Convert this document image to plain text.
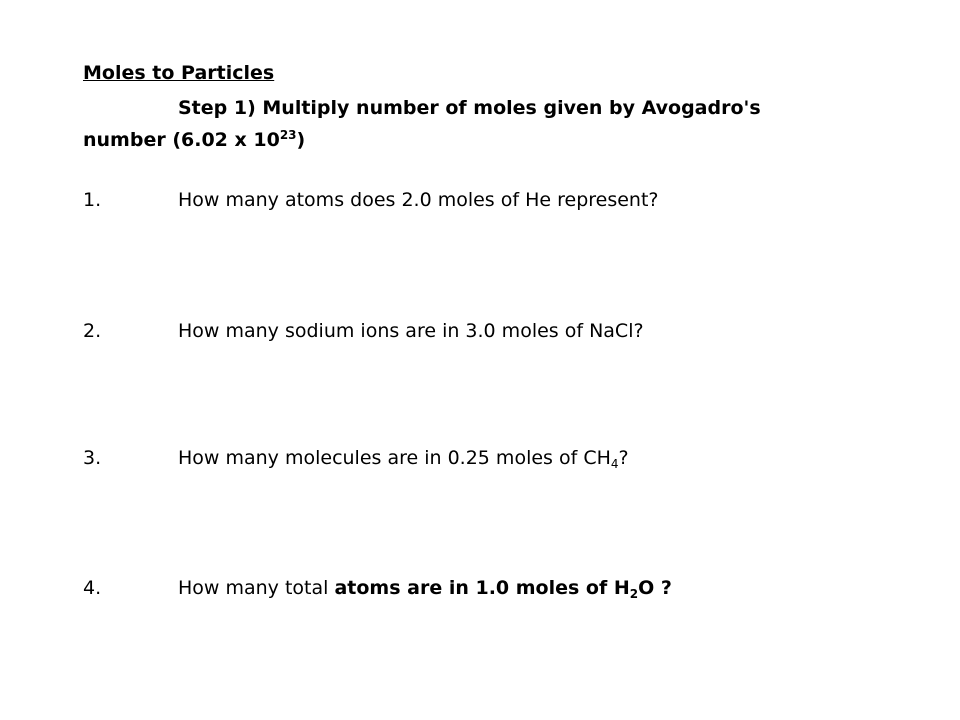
Moles to Particles
Step 1) Multiply number of moles given by Avogadro's
number (6.02 x $10^{23}$)
1.	How many atoms does 2.0 moles of He represent?
2.	How many sodium ions are in 3.0 moles of NaCl?
3.	How many molecules are in 0.25 moles of $CH_4$?
4.	How many total atoms are in 1.0 moles of $H_2O$ ?
